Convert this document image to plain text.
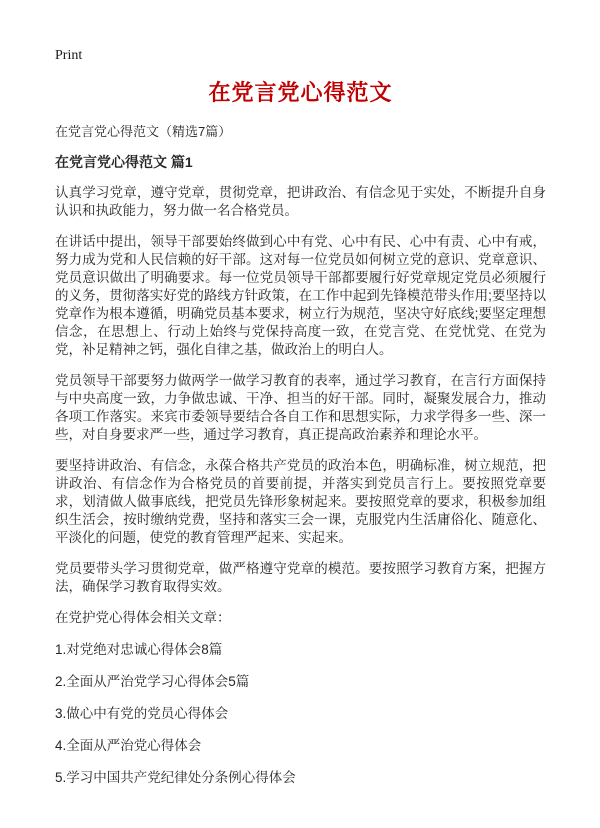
Print
在党言党心得范文
在党言党心得范文（精选7篇）
在党言党心得范文 篇1

认真学习党章，遵守党章，贯彻党章，把讲政治、有信念见于实处，不断提升自身认识和执政能力，努力做一名合格党员。

在讲话中提出，领导干部要始终做到心中有党、心中有民、心中有责、心中有戒，努力成为党和人民信赖的好干部。这对每一位党员如何树立党的意识、党章意识、党员意识做出了明确要求。每一位党员领导干部都要履行好党章规定党员必须履行的义务，贯彻落实好党的路线方针政策，在工作中起到先锋模范带头作用;要坚持以党章作为根本遵循，明确党员基本要求，树立行为规范，坚决守好底线;要坚定理想信念，在思想上、行动上始终与党保持高度一致，在党言党、在党忧党、在党为党，补足精神之钙，强化自律之基，做政治上的明白人。

党员领导干部要努力做两学一做学习教育的表率，通过学习教育，在言行方面保持与中央高度一致，力争做忠诚、干净、担当的好干部。同时，凝聚发展合力，推动各项工作落实。来宾市委领导要结合各自工作和思想实际，力求学得多一些、深一些，对自身要求严一些，通过学习教育，真正提高政治素养和理论水平。

要坚持讲政治、有信念，永葆合格共产党员的政治本色，明确标准，树立规范，把讲政治、有信念作为合格党员的首要前提，并落实到党员言行上。要按照党章要求，划清做人做事底线，把党员先锋形象树起来。要按照党章的要求，积极参加组织生活会，按时缴纳党费，坚持和落实三会一课，克服党内生活庸俗化、随意化、平淡化的问题，使党的教育管理严起来、实起来。

党员要带头学习贯彻党章，做严格遵守党章的模范。要按照学习教育方案，把握方法，确保学习教育取得实效。

在党护党心得体会相关文章：

1.对党绝对忠诚心得体会8篇

2.全面从严治党学习心得体会5篇

3.做心中有党的党员心得体会

4.全面从严治党心得体会

5.学习中国共产党纪律处分条例心得体会
